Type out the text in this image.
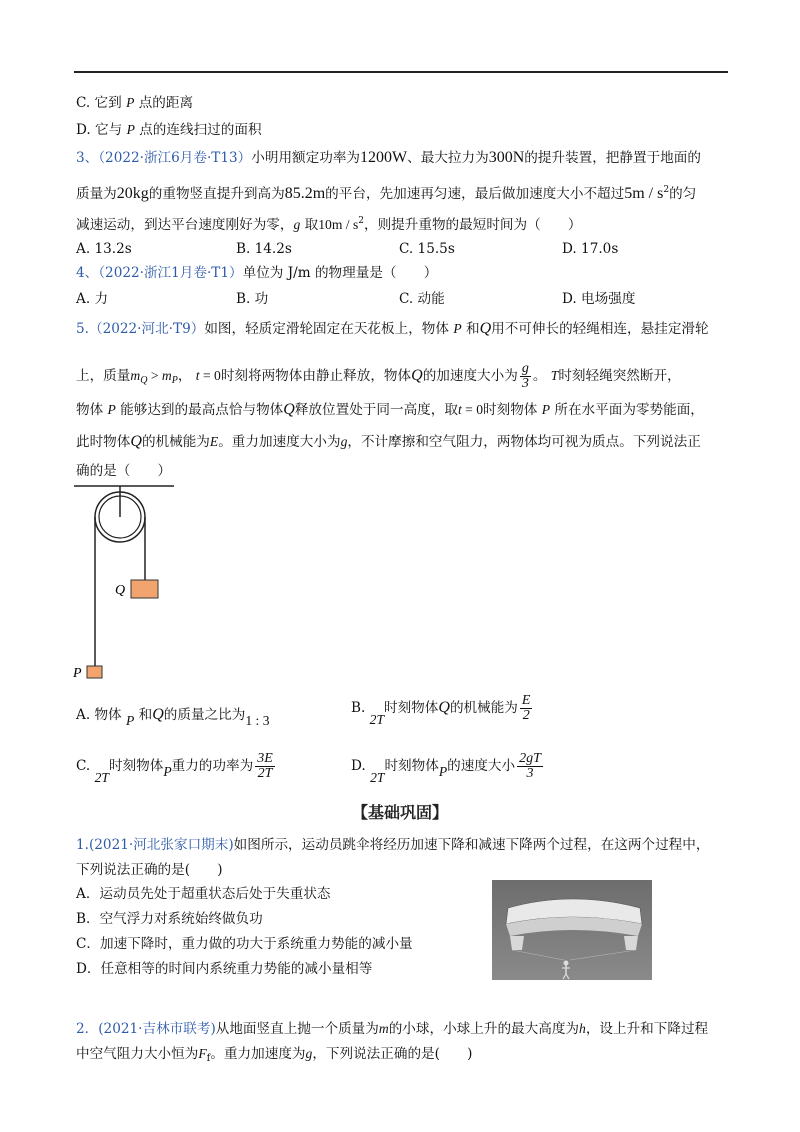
C. 它到 P 点的距离
D. 它与 P 点的连线扫过的面积
3、（2022·浙江6月卷·T13）小明用额定功率为1200W、最大拉力为300N的提升装置，把静置于地面的
质量为20kg的重物竖直提升到高为85.2m的平台，先加速再匀速，最后做加速度大小不超过$5m / s^2$的匀
减速运动，到达平台速度刚好为零，g 取$10m / s^2$，则提升重物的最短时间为（　　）
A. 13.2s	B. 14.2s	C. 15.5s	D. 17.0s
4、（2022·浙江1月卷·T1）单位为 J/m 的物理量是（　　）
A. 力	B. 功	C. 动能	D. 电场强度
5.（2022·河北·T9）如图，轻质定滑轮固定在天花板上，物体 P 和Q用不可伸长的轻绳相连，悬挂定滑轮
上，质量$m_Q > m_P$， t = 0时刻将两物体由静止释放，物体Q的加速度大小为 $\frac{g}{3}$ 。 T时刻轻绳突然断开，
物体 P 能够达到的最高点恰与物体Q释放位置处于同一高度，取t = 0时刻物体 P 所在水平面为零势能面，
此时物体Q的机械能为E。重力加速度大小为g，不计摩擦和空气阻力，两物体均可视为质点。下列说法正
确的是（　　）
Q
P
A. 物体 P 和Q的质量之比为1 : 3
B. 2T时刻物体Q的机械能为 $\frac{E}{2}$
C. 2T时刻物体P重力的功率为 $\frac{3E}{2T}$	D. 2T时刻物体P的速度大小 $\frac{2gT}{3}$
【基础巩固】
1.(2021·河北张家口期末)如图所示，运动员跳伞将经历加速下降和减速下降两个过程，在这两个过程中，
下列说法正确的是(　　)
A．运动员先处于超重状态后处于失重状态
B．空气浮力对系统始终做负功
C．加速下降时，重力做的功大于系统重力势能的减小量
D．任意相等的时间内系统重力势能的减小量相等
2．(2021·吉林市联考)从地面竖直上抛一个质量为m的小球，小球上升的最大高度为h，设上升和下降过程
中空气阻力大小恒为$F_f$。重力加速度为g，下列说法正确的是(　　)
